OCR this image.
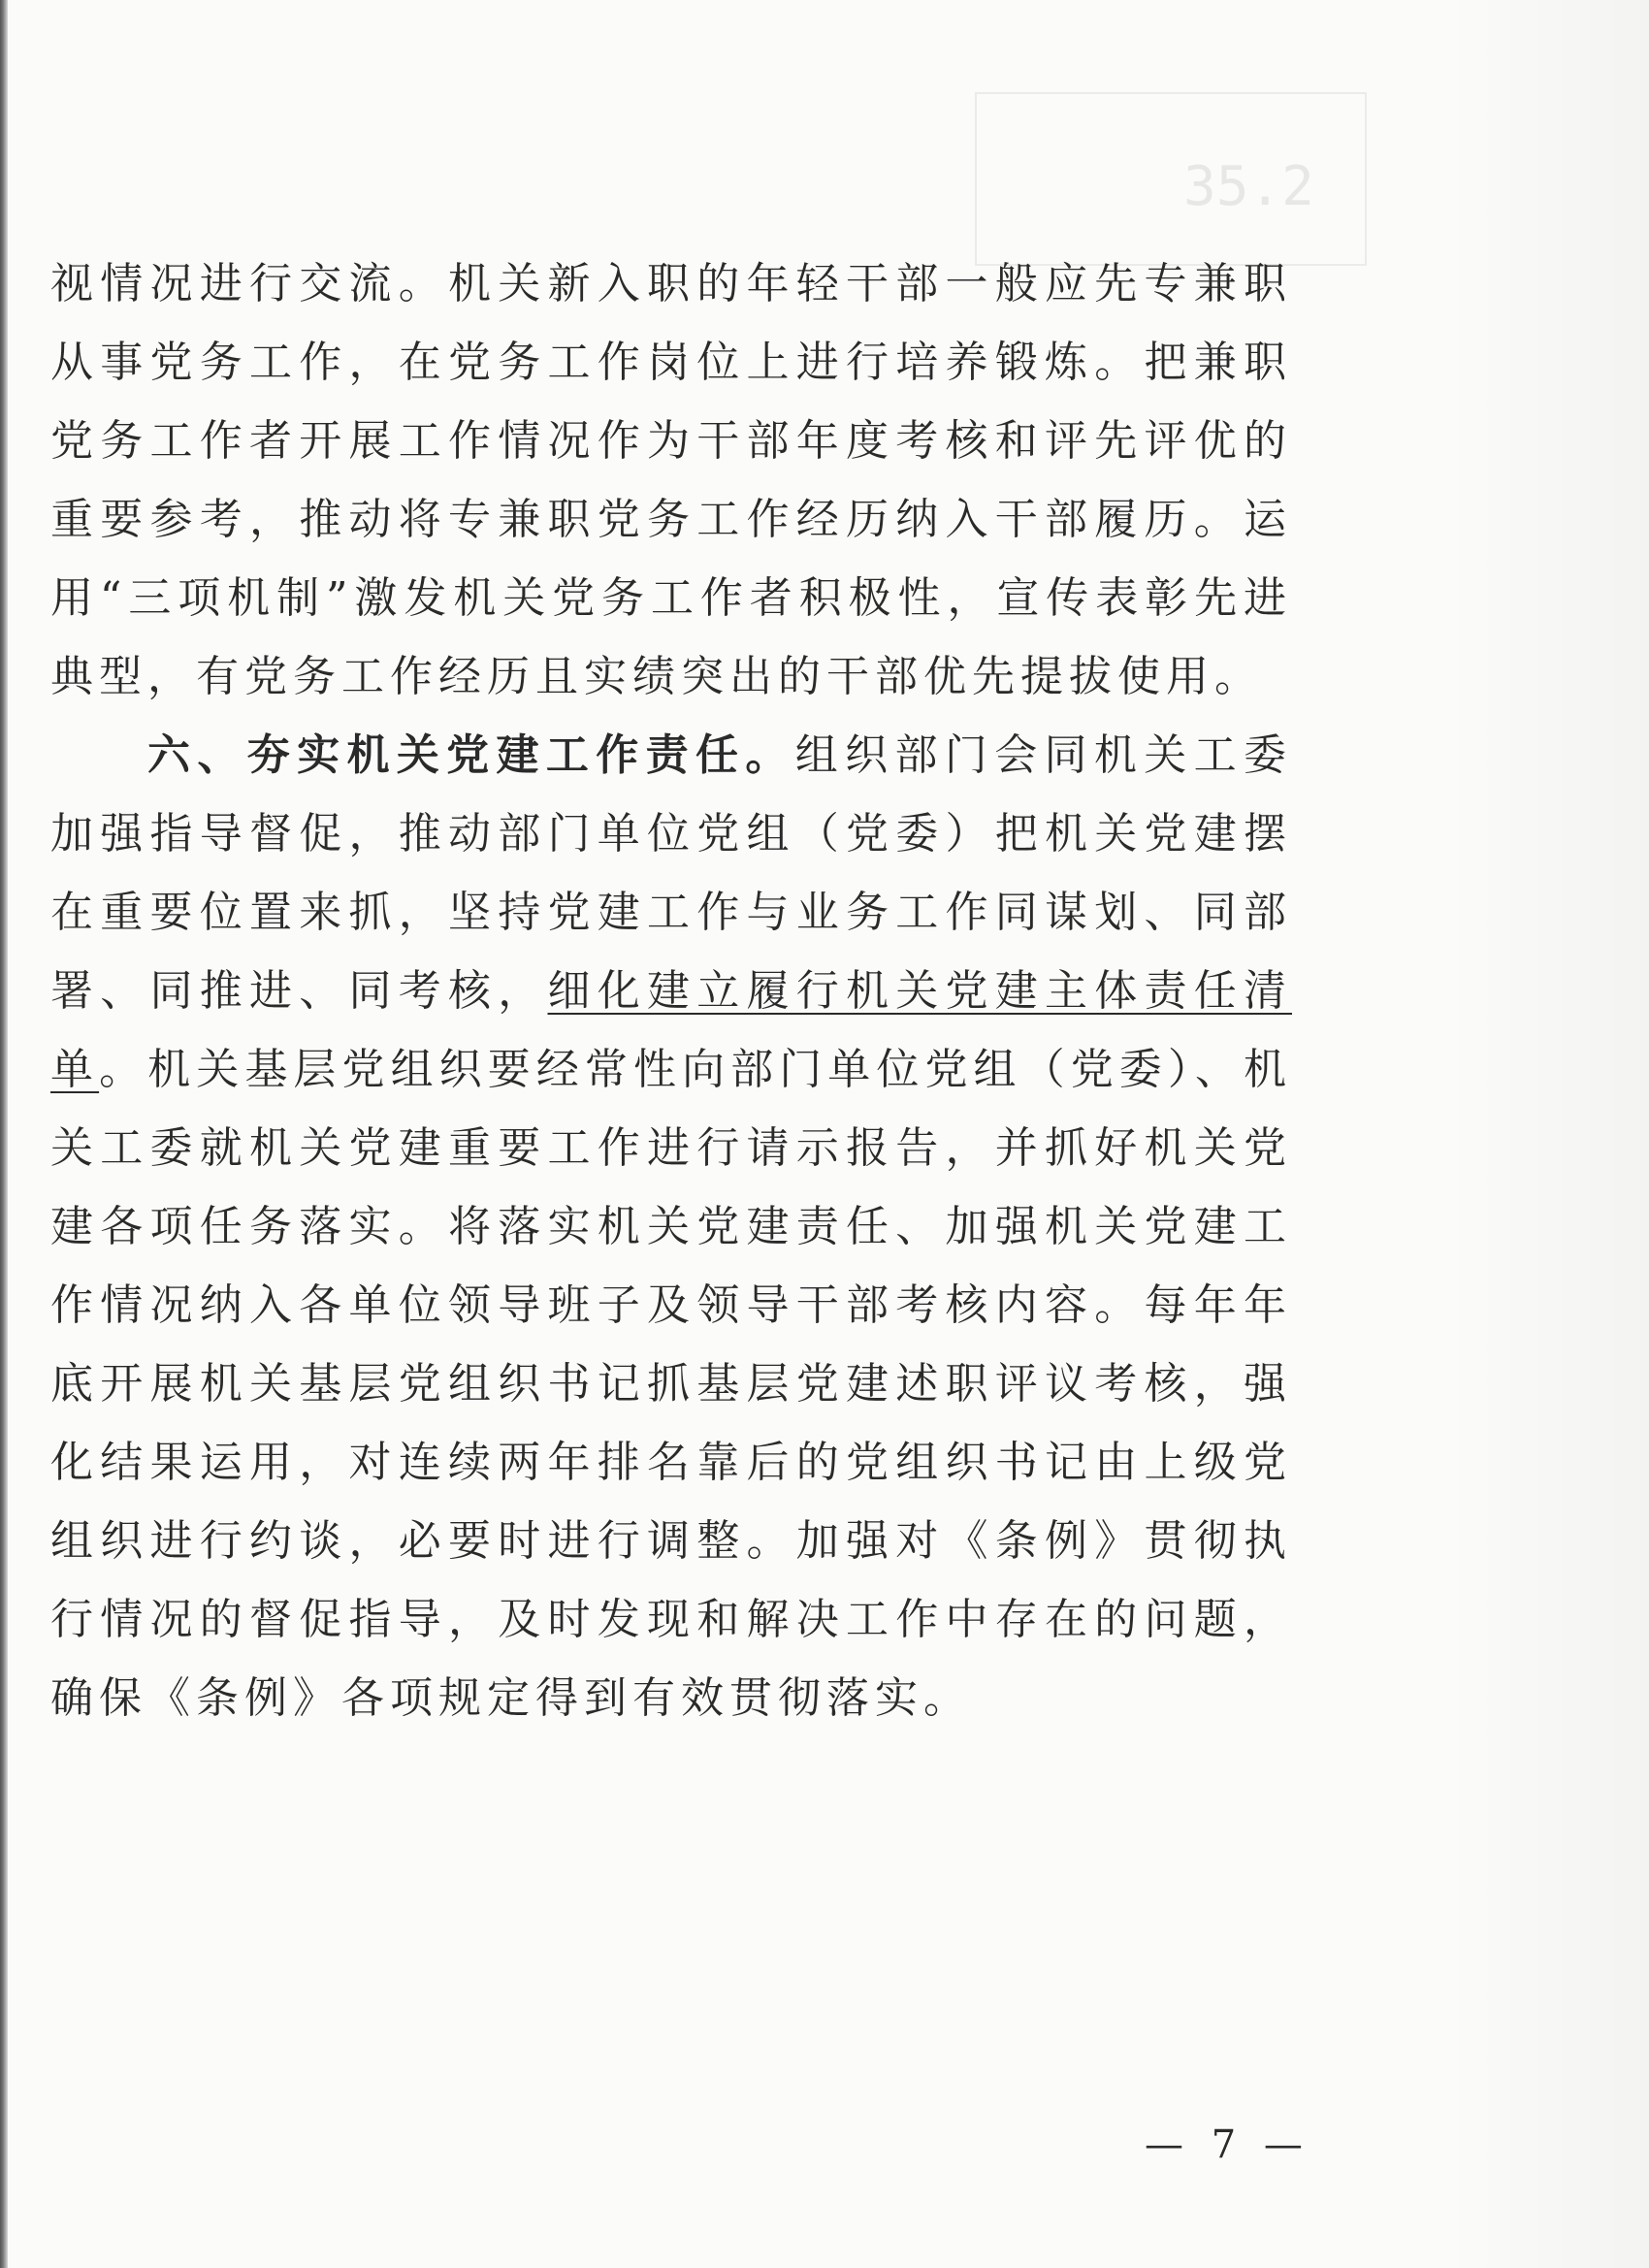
35.2

视情况进行交流。机关新入职的年轻干部一般应先专兼职从事党务工作，在党务工作岗位上进行培养锻炼。把兼职党务工作者开展工作情况作为干部年度考核和评先评优的重要参考，推动将专兼职党务工作经历纳入干部履历。运用“三项机制”激发机关党务工作者积极性，宣传表彰先进典型，有党务工作经历且实绩突出的干部优先提拔使用。

六、夯实机关党建工作责任。组织部门会同机关工委加强指导督促，推动部门单位党组（党委）把机关党建摆在重要位置来抓，坚持党建工作与业务工作同谋划、同部署、同推进、同考核，细化建立履行机关党建主体责任清单。机关基层党组织要经常性向部门单位党组（党委）、机关工委就机关党建重要工作进行请示报告，并抓好机关党建各项任务落实。将落实机关党建责任、加强机关党建工作情况纳入各单位领导班子及领导干部考核内容。每年年底开展机关基层党组织书记抓基层党建述职评议考核，强化结果运用，对连续两年排名靠后的党组织书记由上级党组织进行约谈，必要时进行调整。加强对《条例》贯彻执行情况的督促指导，及时发现和解决工作中存在的问题，确保《条例》各项规定得到有效贯彻落实。

— 7 —
